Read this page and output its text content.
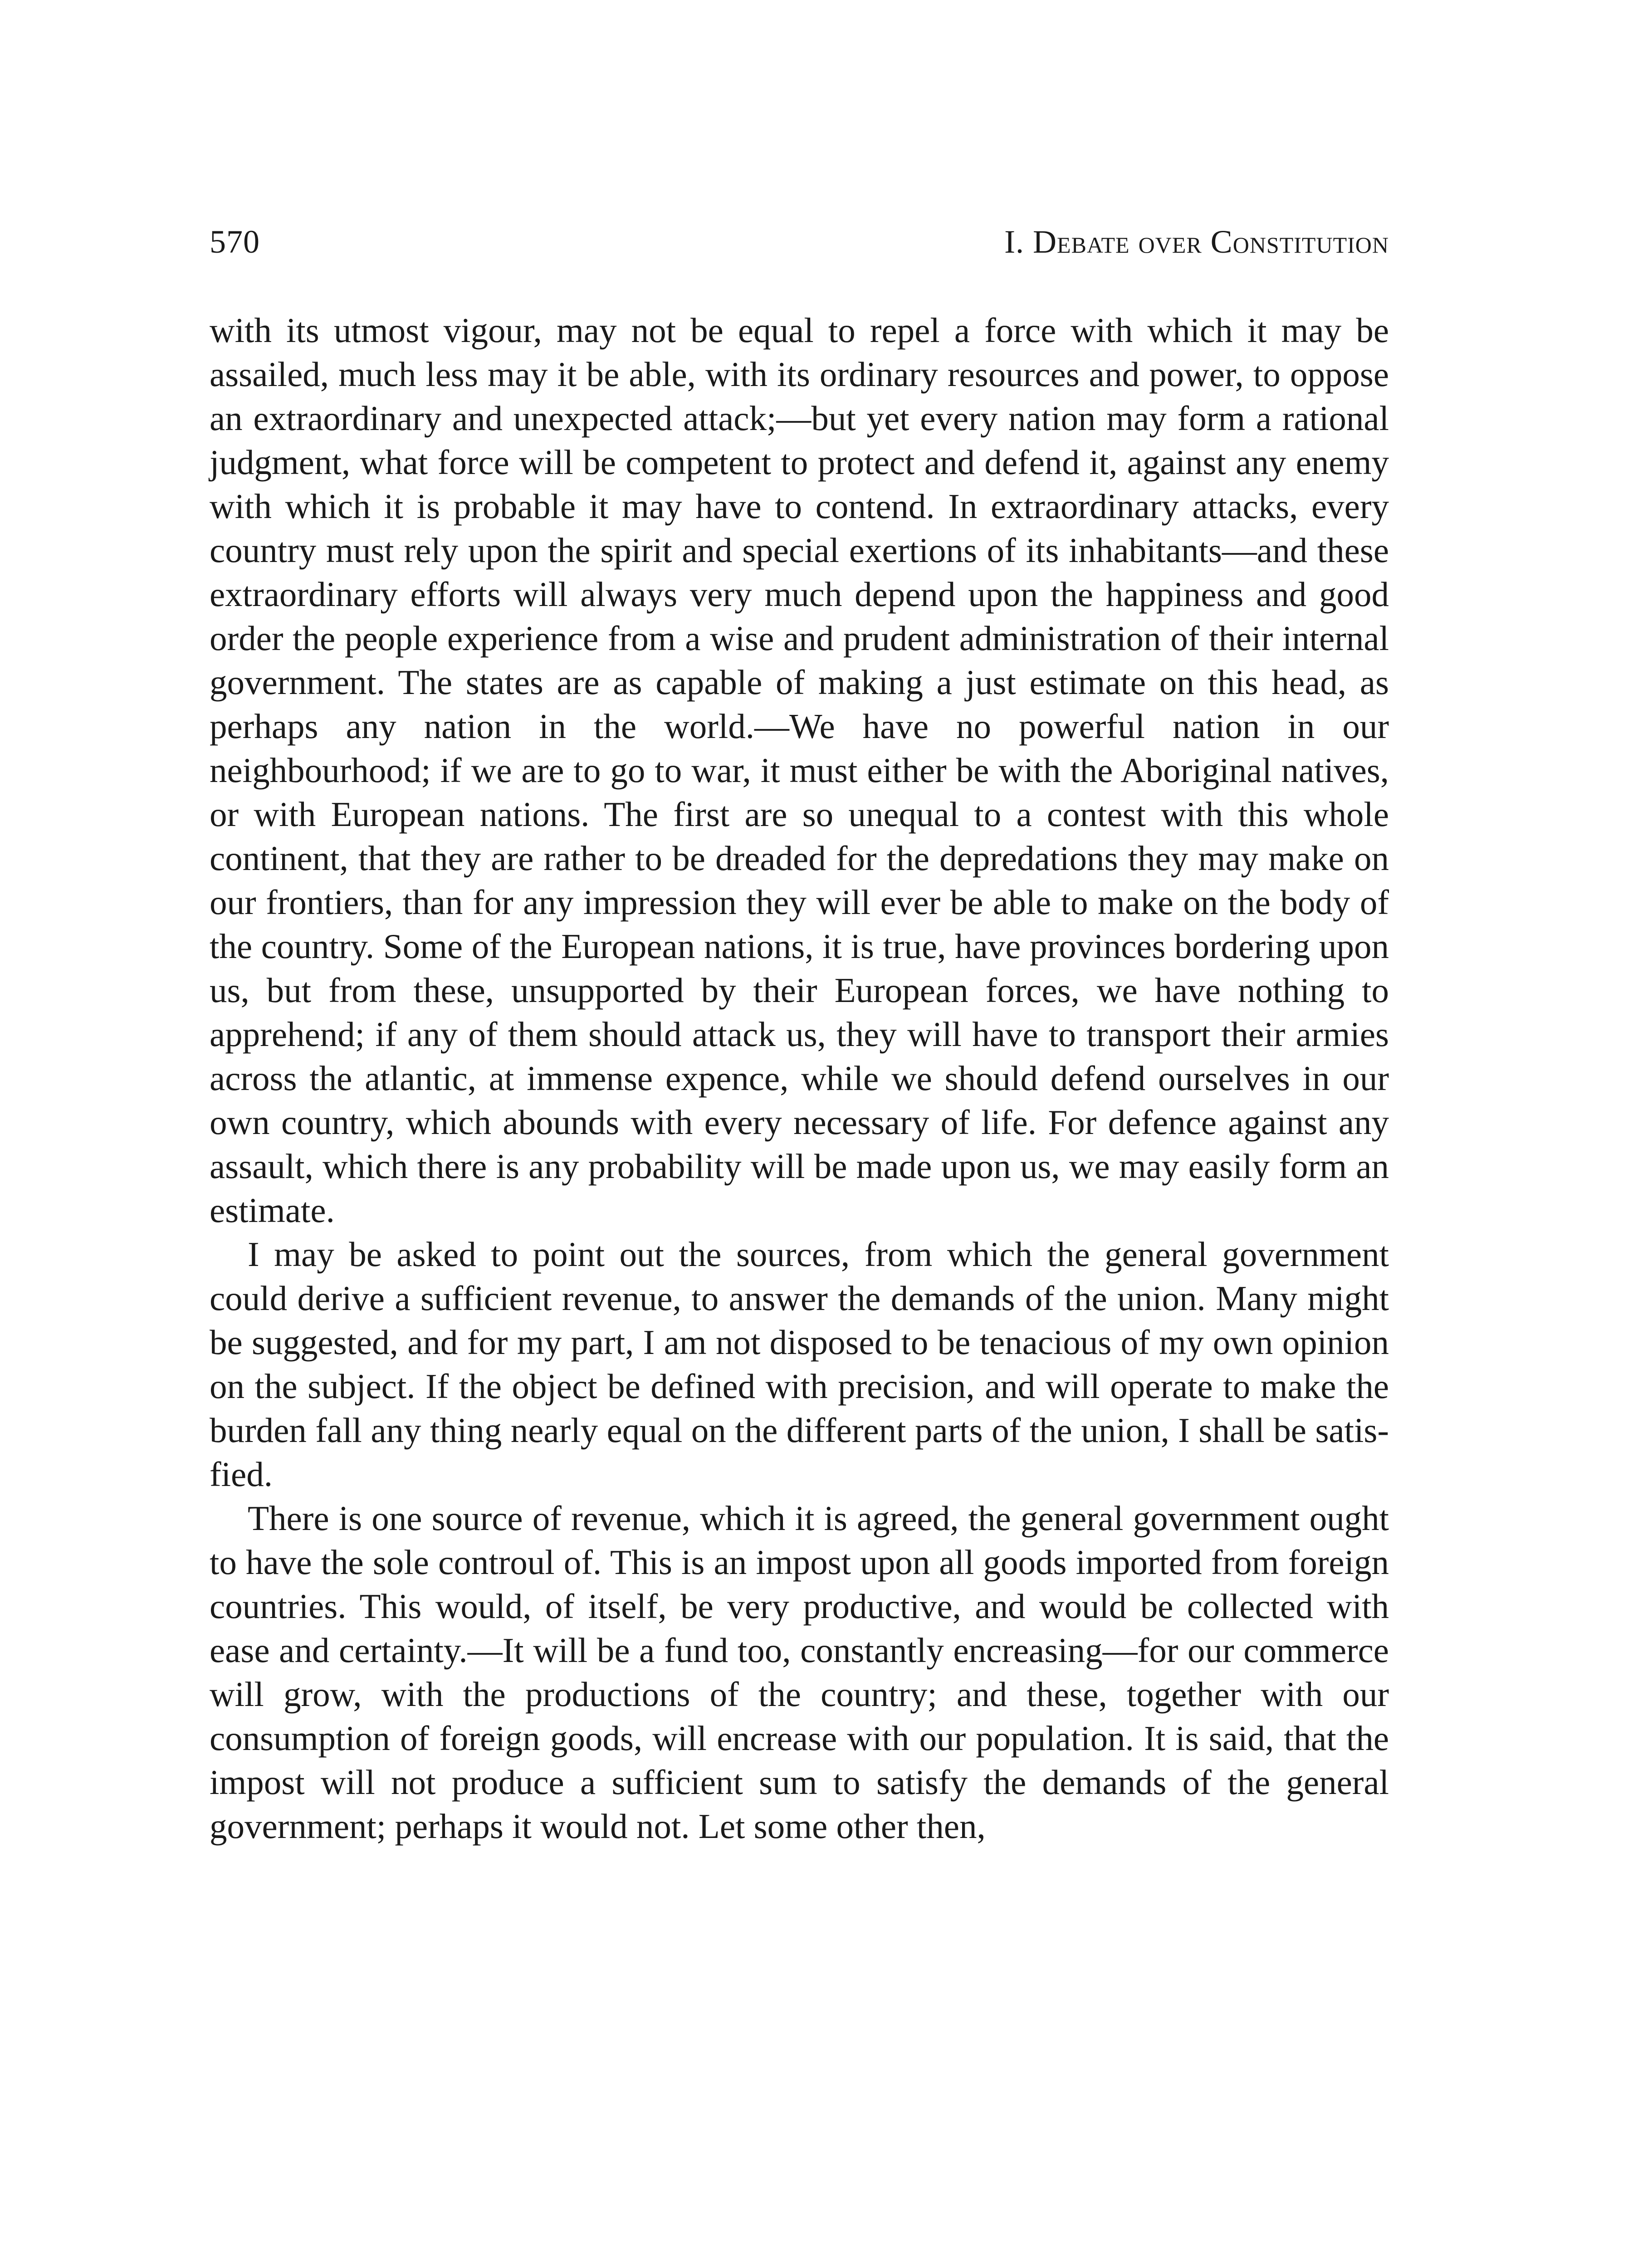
570	I. Debate over Constitution

with its utmost vigour, may not be equal to repel a force with which it may be assailed, much less may it be able, with its ordinary resources and power, to oppose an extraordinary and unexpected attack;—but yet every nation may form a rational judgment, what force will be competent to protect and defend it, against any enemy with which it is probable it may have to contend. In extraordinary attacks, every country must rely upon the spirit and special exertions of its inhabitants—and these extraordinary efforts will always very much depend upon the happiness and good order the people experience from a wise and prudent administration of their internal government. The states are as capable of making a just estimate on this head, as perhaps any nation in the world.—We have no powerful nation in our neighbourhood; if we are to go to war, it must either be with the Aboriginal natives, or with European nations. The first are so unequal to a contest with this whole continent, that they are rather to be dreaded for the depredations they may make on our frontiers, than for any impression they will ever be able to make on the body of the country. Some of the European nations, it is true, have provinces bordering upon us, but from these, unsupported by their European forces, we have nothing to apprehend; if any of them should attack us, they will have to transport their armies across the atlantic, at immense expence, while we should defend ourselves in our own country, which abounds with every necessary of life. For defence against any assault, which there is any probability will be made upon us, we may easily form an estimate.

I may be asked to point out the sources, from which the general government could derive a sufficient revenue, to answer the demands of the union. Many might be suggested, and for my part, I am not disposed to be tenacious of my own opinion on the subject. If the object be defined with precision, and will operate to make the burden fall any thing nearly equal on the different parts of the union, I shall be satisfied.

There is one source of revenue, which it is agreed, the general government ought to have the sole controul of. This is an impost upon all goods imported from foreign countries. This would, of itself, be very productive, and would be collected with ease and certainty.—It will be a fund too, constantly encreasing—for our commerce will grow, with the productions of the country; and these, together with our consumption of foreign goods, will encrease with our population. It is said, that the impost will not produce a sufficient sum to satisfy the demands of the general government; perhaps it would not. Let some other then,
